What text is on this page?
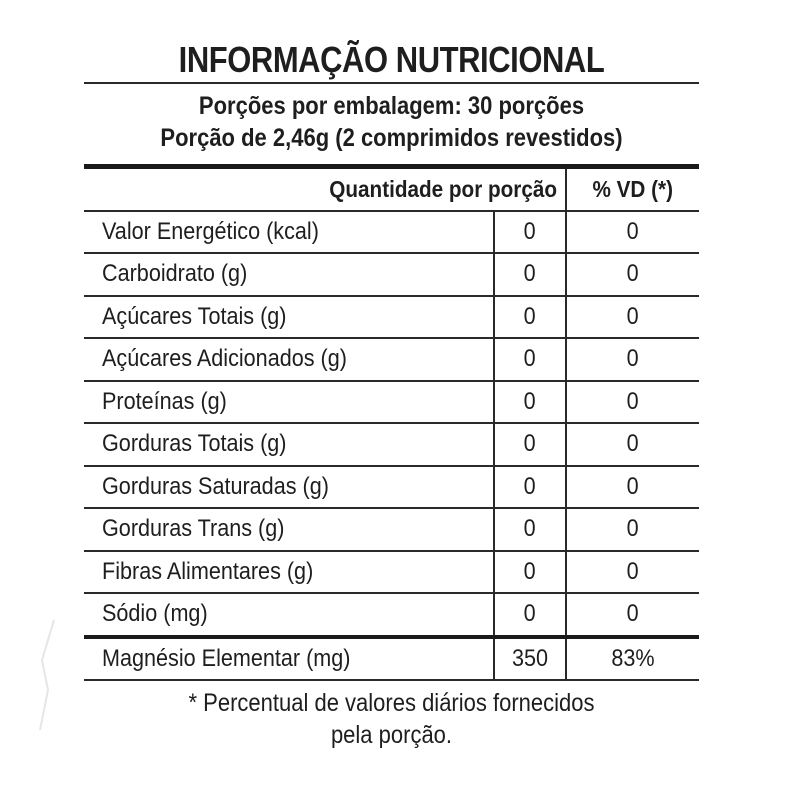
INFORMAÇÃO NUTRICIONAL
Porções por embalagem: 30 porções
Porção de 2,46g (2 comprimidos revestidos)
Quantidade por porção		% VD (*)
Valor Energético (kcal)	0	0
Carboidrato (g)	0	0
Açúcares Totais (g)	0	0
Açúcares Adicionados (g)	0	0
Proteínas (g)	0	0
Gorduras Totais (g)	0	0
Gorduras Saturadas (g)	0	0
Gorduras Trans (g)	0	0
Fibras Alimentares (g)	0	0
Sódio (mg)	0	0
Magnésio Elementar (mg)	350	83%
* Percentual de valores diários fornecidos
pela porção.
